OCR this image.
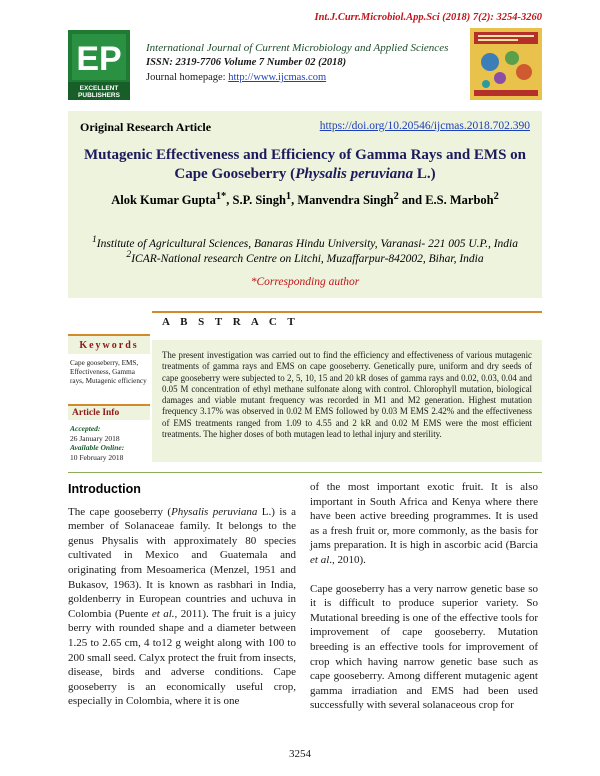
Int.J.Curr.Microbiol.App.Sci (2018) 7(2): 3254-3260
EP
EXCELLENT
PUBLISHERS
International Journal of Current Microbiology and Applied Sciences
ISSN: 2319-7706 Volume 7 Number 02 (2018)
Journal homepage: http://www.ijcmas.com
Original Research Article	https://doi.org/10.20546/ijcmas.2018.702.390
Mutagenic Effectiveness and Efficiency of Gamma Rays and EMS on
Cape Gooseberry (Physalis peruviana L.)
Alok Kumar Gupta$^{1*}$, S.P. Singh$^1$, Manvendra Singh$^2$ and E.S. Marboh$^2$
$^1$Institute of Agricultural Sciences, Banaras Hindu University, Varanasi- 221 005 U.P., India
$^2$ICAR-National research Centre on Litchi, Muzaffarpur-842002, Bihar, India
*Corresponding author
A B S T R A C T
Keywords
Cape gooseberry, EMS, Effectiveness, Gamma rays, Mutagenic efficiency
Article Info
Accepted:
26 January 2018
Available Online:
10 February 2018
The present investigation was carried out to find the efficiency and effectiveness of various mutagenic treatments of gamma rays and EMS on cape gooseberry. Genetically pure, uniform and dry seeds of cape gooseberry were subjected to 2, 5, 10, 15 and 20 kR doses of gamma rays and 0.02, 0.03, 0.04 and 0.05 M concentration of ethyl methane sulfonate along with control. Chlorophyll mutation, biological damages and viable mutant frequency was recorded in M1 and M2 generation. Highest mutation frequency 3.17% was observed in 0.02 M EMS followed by 0.03 M EMS 2.42% and the effectiveness of EMS treatments ranged from 1.09 to 4.55 and 2 kR and 0.02 M EMS were the most efficient treatments. The higher doses of both mutagen lead to lethal injury and sterility.
Introduction

The cape gooseberry (Physalis peruviana L.) is a member of Solanaceae family. It belongs to the genus Physalis with approximately 80 species cultivated in Mexico and Guatemala and originating from Mesoamerica (Menzel, 1951 and Bukasov, 1963). It is known as rasbhari in India, goldenberry in European countries and uchuva in Colombia (Puente et al., 2011). The fruit is a juicy berry with rounded shape and a diameter between 1.25 to 2.65 cm, 4 to12 g weight along with 100 to 200 small seed. Calyx protect the fruit from insects, disease, birds and adverse conditions. Cape gooseberry is an economically useful crop, especially in Colombia, where it is one

of the most important exotic fruit. It is also important in South Africa and Kenya where there have been active breeding programmes. It is used as a fresh fruit or, more commonly, as the basis for jams preparation. It is high in ascorbic acid (Barcia et al., 2010).

Cape gooseberry has a very narrow genetic base so it is difficult to produce superior variety. So Mutational breeding is one of the effective tools for improvement of cape gooseberry. Mutation breeding is an effective tools for improvement of crop which having narrow genetic base such as cape gooseberry. Among different mutagenic agent gamma irradiation and EMS had been used successfully with several solanaceous crop for

3254
